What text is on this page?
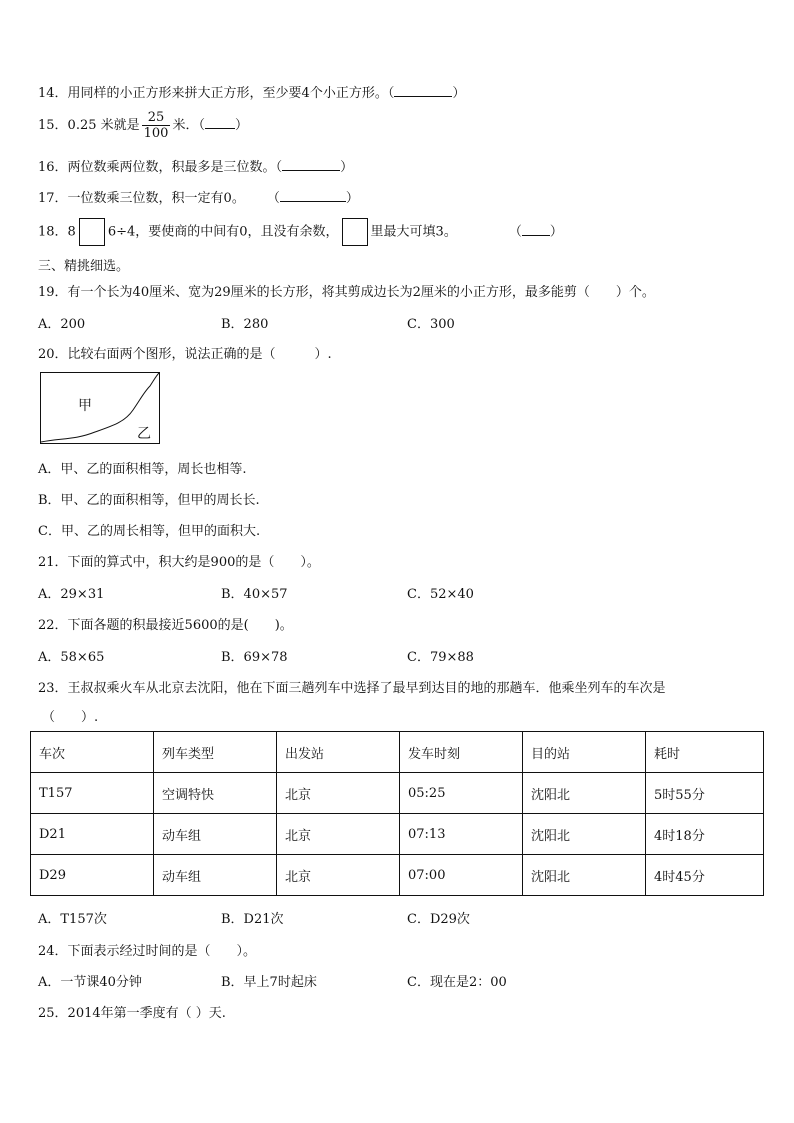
14．用同样的小正方形来拼大正方形，至少要4个小正方形。（	）
15．0.25 米就是 $\frac{25}{100}$ 米．（ ）
16．两位数乘两位数，积最多是三位数。（	）
17．一位数乘三位数，积一定有0。 （	）
18．8 6÷4，要使商的中间有0，且没有余数， 里最大可填3。	（ ）
三、精挑细选。
19．有一个长为40厘米、宽为29厘米的长方形，将其剪成边长为2厘米的小正方形，最多能剪（　　）个。
A．200	B．280	C．300
20．比较右面两个图形，说法正确的是（　　　）.
甲
乙
A．甲、乙的面积相等，周长也相等.
B．甲、乙的面积相等，但甲的周长长.
C．甲、乙的周长相等，但甲的面积大.
21．下面的算式中，积大约是900的是（　　）。
A．29×31	B．40×57	C．52×40
22．下面各题的积最接近5600的是(　　)。
A．58×65	B．69×78	C．79×88
23．王叔叔乘火车从北京去沈阳，他在下面三趟列车中选择了最早到达目的地的那趟车．他乘坐列车的车次是
（　　）.
车次	列车类型	出发站	发车时刻	目的站	耗时
T157	空调特快	北京	05:25	沈阳北	5时55分
D21	动车组	北京	07:13	沈阳北	4时18分
D29	动车组	北京	07:00	沈阳北	4时45分
A．T157次	B．D21次	C．D29次
24．下面表示经过时间的是（　　）。
A．一节课40分钟	B．早上7时起床	C．现在是2：00
25．2014年第一季度有（ ）天.
